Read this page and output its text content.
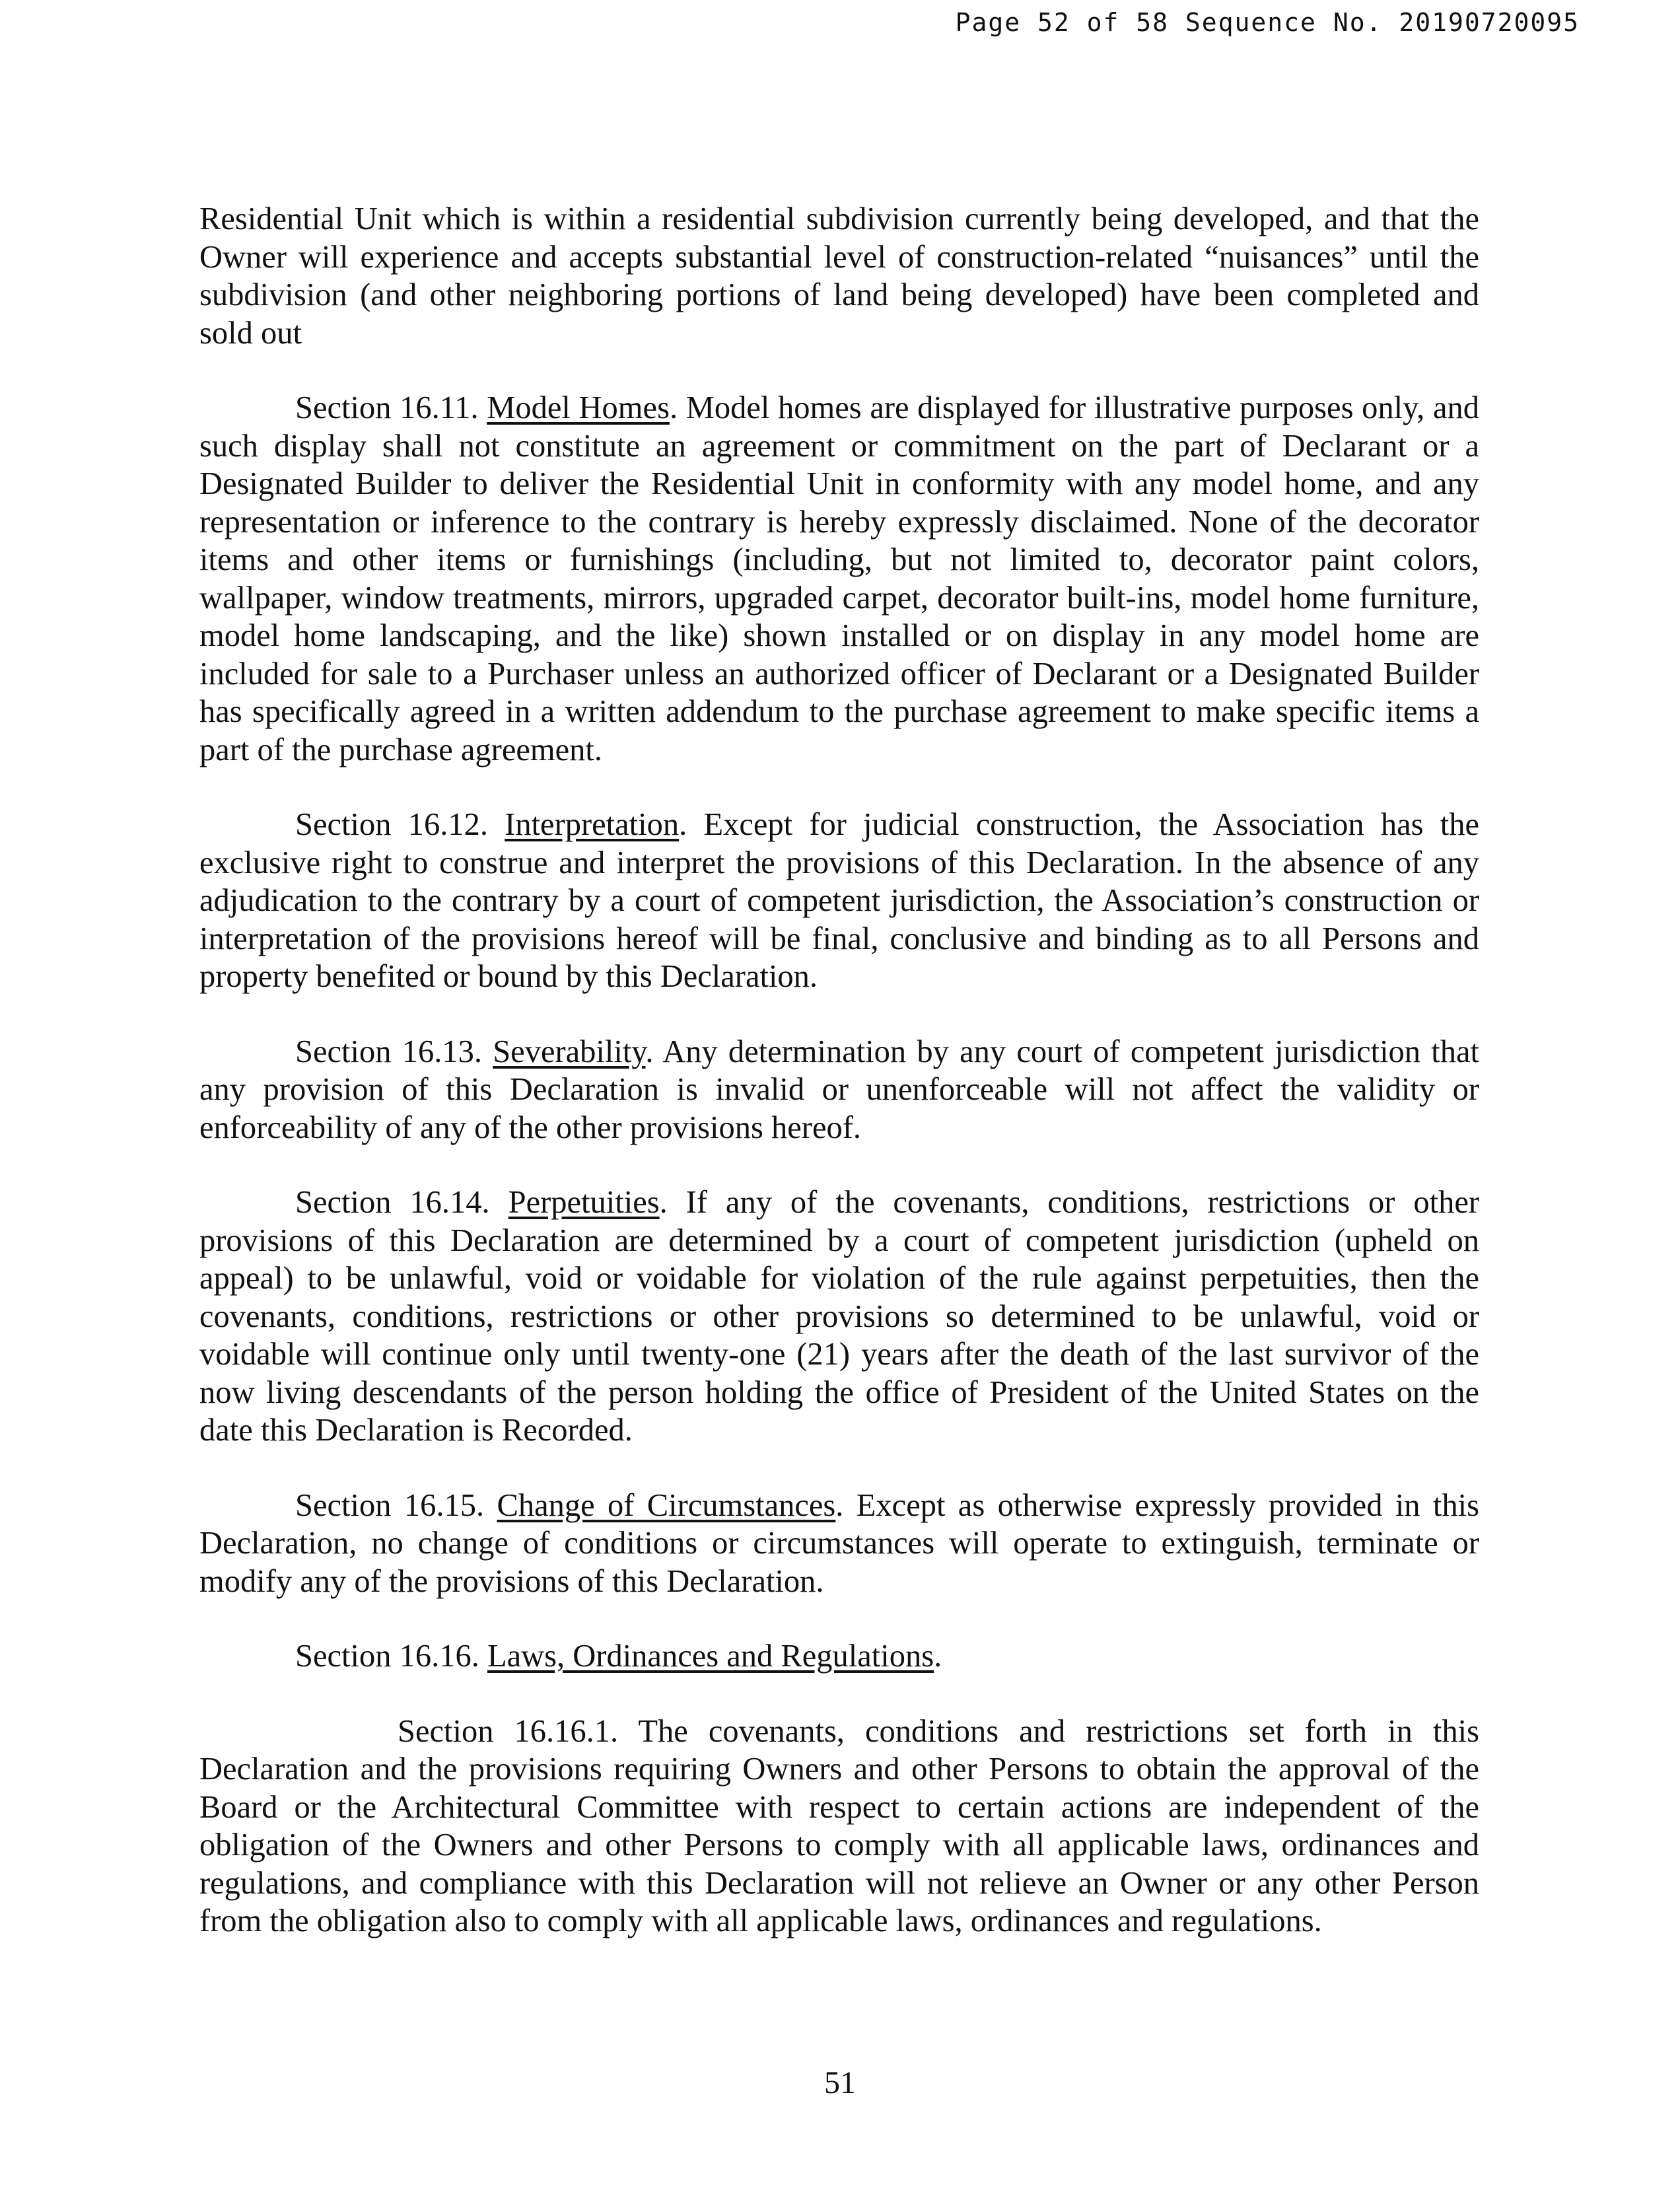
Page 52 of 58 Sequence No. 20190720095

Residential Unit which is within a residential subdivision currently being developed, and that the Owner will experience and accepts substantial level of construction-related “nuisances” until the subdivision (and other neighboring portions of land being developed) have been completed and sold out

Section 16.11. Model Homes. Model homes are displayed for illustrative purposes only, and such display shall not constitute an agreement or commitment on the part of Declarant or a Designated Builder to deliver the Residential Unit in conformity with any model home, and any representation or inference to the contrary is hereby expressly disclaimed. None of the decorator items and other items or furnishings (including, but not limited to, decorator paint colors, wallpaper, window treatments, mirrors, upgraded carpet, decorator built-ins, model home furniture, model home landscaping, and the like) shown installed or on display in any model home are included for sale to a Purchaser unless an authorized officer of Declarant or a Designated Builder has specifically agreed in a written addendum to the purchase agreement to make specific items a part of the purchase agreement.

Section 16.12. Interpretation. Except for judicial construction, the Association has the exclusive right to construe and interpret the provisions of this Declaration. In the absence of any adjudication to the contrary by a court of competent jurisdiction, the Association’s construction or interpretation of the provisions hereof will be final, conclusive and binding as to all Persons and property benefited or bound by this Declaration.

Section 16.13. Severability. Any determination by any court of competent jurisdiction that any provision of this Declaration is invalid or unenforceable will not affect the validity or enforceability of any of the other provisions hereof.

Section 16.14. Perpetuities. If any of the covenants, conditions, restrictions or other provisions of this Declaration are determined by a court of competent jurisdiction (upheld on appeal) to be unlawful, void or voidable for violation of the rule against perpetuities, then the covenants, conditions, restrictions or other provisions so determined to be unlawful, void or voidable will continue only until twenty-one (21) years after the death of the last survivor of the now living descendants of the person holding the office of President of the United States on the date this Declaration is Recorded.

Section 16.15. Change of Circumstances. Except as otherwise expressly provided in this Declaration, no change of conditions or circumstances will operate to extinguish, terminate or modify any of the provisions of this Declaration.

Section 16.16. Laws, Ordinances and Regulations.

Section 16.16.1. The covenants, conditions and restrictions set forth in this Declaration and the provisions requiring Owners and other Persons to obtain the approval of the Board or the Architectural Committee with respect to certain actions are independent of the obligation of the Owners and other Persons to comply with all applicable laws, ordinances and regulations, and compliance with this Declaration will not relieve an Owner or any other Person from the obligation also to comply with all applicable laws, ordinances and regulations.

51
